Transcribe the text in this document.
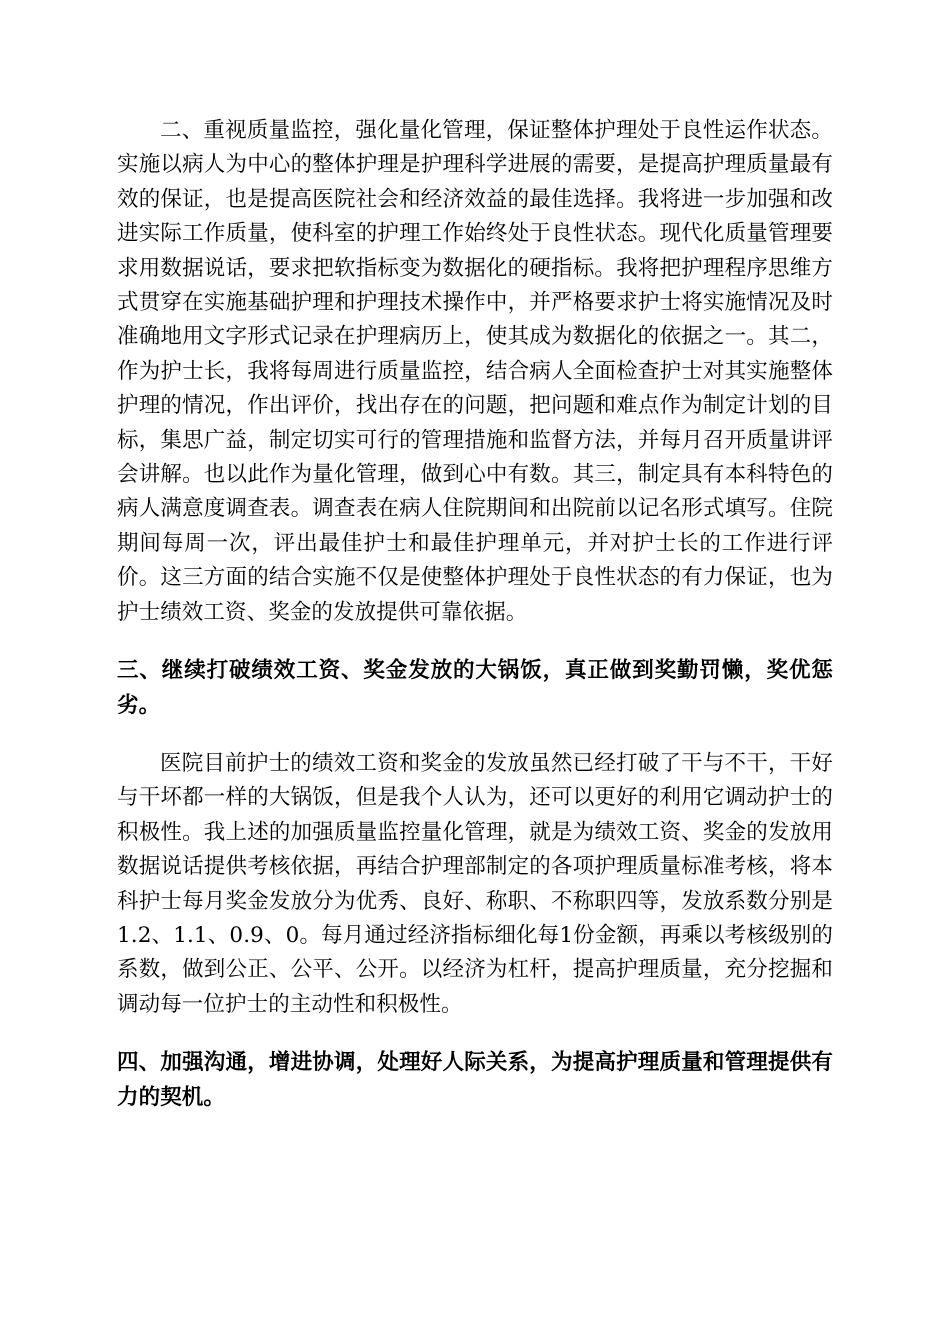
二、重视质量监控，强化量化管理，保证整体护理处于良性运作状态。实施以病人为中心的整体护理是护理科学进展的需要，是提高护理质量最有效的保证，也是提高医院社会和经济效益的最佳选择。我将进一步加强和改进实际工作质量，使科室的护理工作始终处于良性状态。现代化质量管理要求用数据说话，要求把软指标变为数据化的硬指标。我将把护理程序思维方式贯穿在实施基础护理和护理技术操作中，并严格要求护士将实施情况及时准确地用文字形式记录在护理病历上，使其成为数据化的依据之一。其二，作为护士长，我将每周进行质量监控，结合病人全面检查护士对其实施整体护理的情况，作出评价，找出存在的问题，把问题和难点作为制定计划的目标，集思广益，制定切实可行的管理措施和监督方法，并每月召开质量讲评会讲解。也以此作为量化管理，做到心中有数。其三，制定具有本科特色的病人满意度调查表。调查表在病人住院期间和出院前以记名形式填写。住院期间每周一次，评出最佳护士和最佳护理单元，并对护士长的工作进行评价。这三方面的结合实施不仅是使整体护理处于良性状态的有力保证，也为护士绩效工资、奖金的发放提供可靠依据。

三、继续打破绩效工资、奖金发放的大锅饭，真正做到奖勤罚懒，奖优惩劣。

医院目前护士的绩效工资和奖金的发放虽然已经打破了干与不干，干好与干坏都一样的大锅饭，但是我个人认为，还可以更好的利用它调动护士的积极性。我上述的加强质量监控量化管理，就是为绩效工资、奖金的发放用数据说话提供考核依据，再结合护理部制定的各项护理质量标准考核，将本科护士每月奖金发放分为优秀、良好、称职、不称职四等，发放系数分别是1.2、1.1、0.9、0。每月通过经济指标细化每1份金额，再乘以考核级别的系数，做到公正、公平、公开。以经济为杠杆，提高护理质量，充分挖掘和调动每一位护士的主动性和积极性。

四、加强沟通，增进协调，处理好人际关系，为提高护理质量和管理提供有力的契机。
